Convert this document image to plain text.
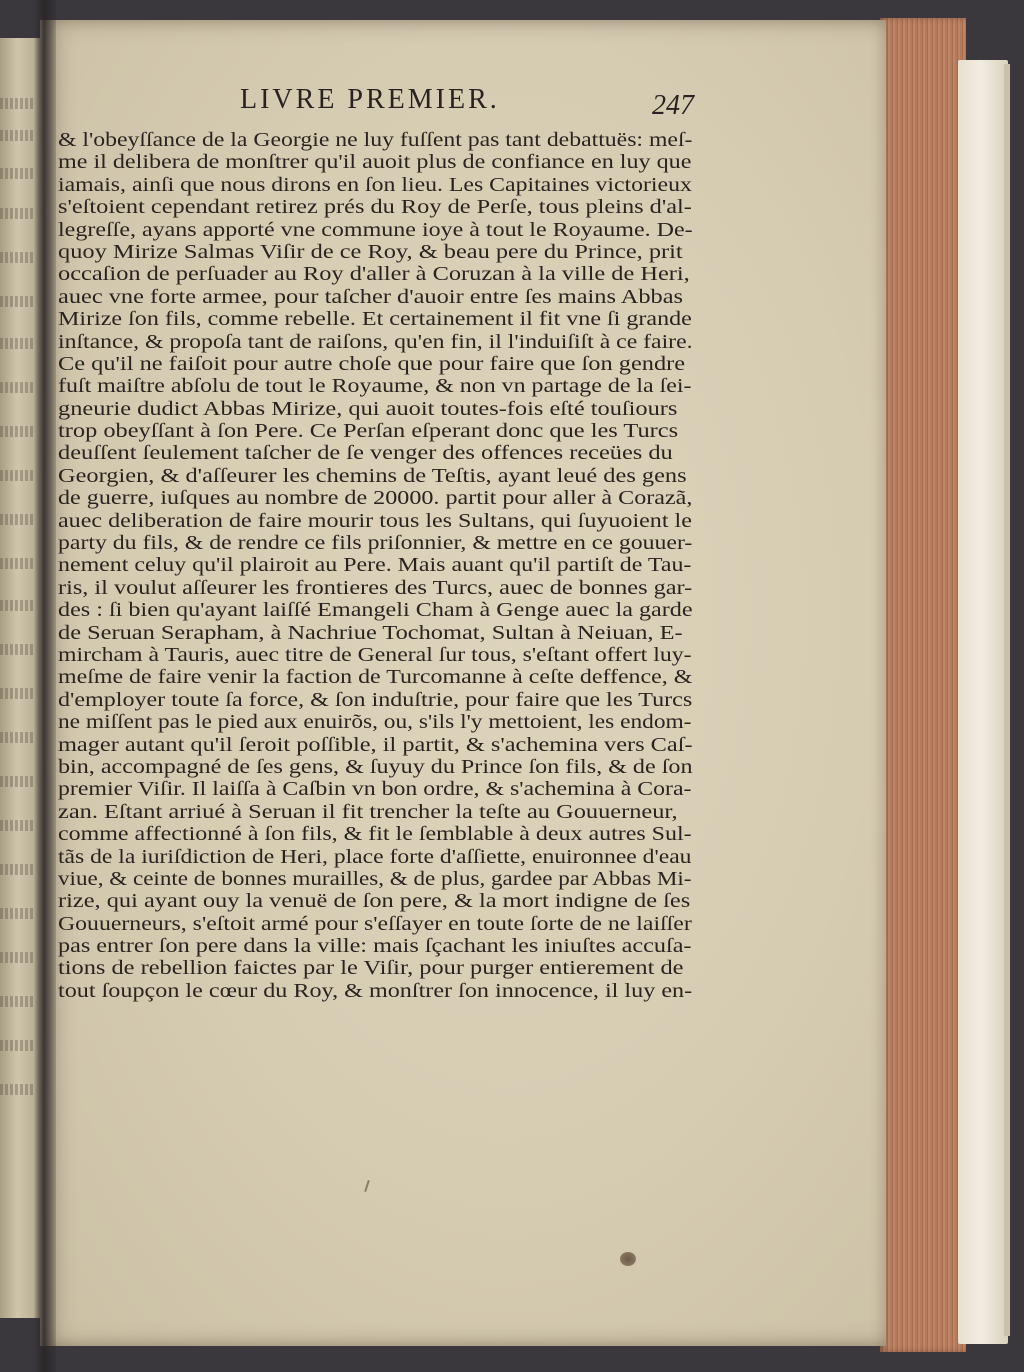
LIVRE PREMIER.	247
& l'obeyſſance de la Georgie ne luy fuſſent pas tant debattuës: meſ-
me il delibera de monſtrer qu'il auoit plus de confiance en luy que
iamais, ainſi que nous dirons en ſon lieu. Les Capitaines victorieux
s'eſtoient cependant retirez prés du Roy de Perſe, tous pleins d'al-
legreſſe, ayans apporté vne commune ioye à tout le Royaume. De-
quoy Mirize Salmas Viſir de ce Roy, & beau pere du Prince, prit
occaſion de perſuader au Roy d'aller à Coruzan à la ville de Heri,
auec vne forte armee, pour taſcher d'auoir entre ſes mains Abbas
Mirize ſon fils, comme rebelle. Et certainement il fit vne ſi grande
inſtance, & propoſa tant de raiſons, qu'en fin, il l'induiſiſt à ce faire.
Ce qu'il ne faiſoit pour autre choſe que pour faire que ſon gendre
fuſt maiſtre abſolu de tout le Royaume, & non vn partage de la ſei-
gneurie dudict Abbas Mirize, qui auoit toutes-fois eſté touſiours
trop obeyſſant à ſon Pere. Ce Perſan eſperant donc que les Turcs
deuſſent ſeulement taſcher de ſe venger des offences receües du
Georgien, & d'aſſeurer les chemins de Teſtis, ayant leué des gens
de guerre, iuſques au nombre de 20000. partit pour aller à Corazã,
auec deliberation de faire mourir tous les Sultans, qui ſuyuoient le
party du fils, & de rendre ce fils priſonnier, & mettre en ce gouuer-
nement celuy qu'il plairoit au Pere. Mais auant qu'il partiſt de Tau-
ris, il voulut aſſeurer les frontieres des Turcs, auec de bonnes gar-
des : ſi bien qu'ayant laiſſé Emangeli Cham à Genge auec la garde
de Seruan Serapham, à Nachriue Tochomat, Sultan à Neiuan, E-
mircham à Tauris, auec titre de General ſur tous, s'eſtant offert luy-
meſme de faire venir la faction de Turcomanne à ceſte deffence, &
d'employer toute ſa force, & ſon induſtrie, pour faire que les Turcs
ne miſſent pas le pied aux enuirõs, ou, s'ils l'y mettoient, les endom-
mager autant qu'il ſeroit poſſible, il partit, & s'achemina vers Caſ-
bin, accompagné de ſes gens, & ſuyuy du Prince ſon fils, & de ſon
premier Viſir. Il laiſſa à Caſbin vn bon ordre, & s'achemina à Cora-
zan. Eſtant arriué à Seruan il fit trencher la teſte au Gouuerneur,
comme affectionné à ſon fils, & fit le ſemblable à deux autres Sul-
tãs de la iuriſdiction de Heri, place forte d'aſſiette, enuironnee d'eau
viue, & ceinte de bonnes murailles, & de plus, gardee par Abbas Mi-
rize, qui ayant ouy la venuë de ſon pere, & la mort indigne de ſes
Gouuerneurs, s'eſtoit armé pour s'eſſayer en toute ſorte de ne laiſſer
pas entrer ſon pere dans la ville: mais ſçachant les iniuſtes accuſa-
tions de rebellion faictes par le Viſir, pour purger entierement de
tout ſoupçon le cœur du Roy, & monſtrer ſon innocence, il luy en-
